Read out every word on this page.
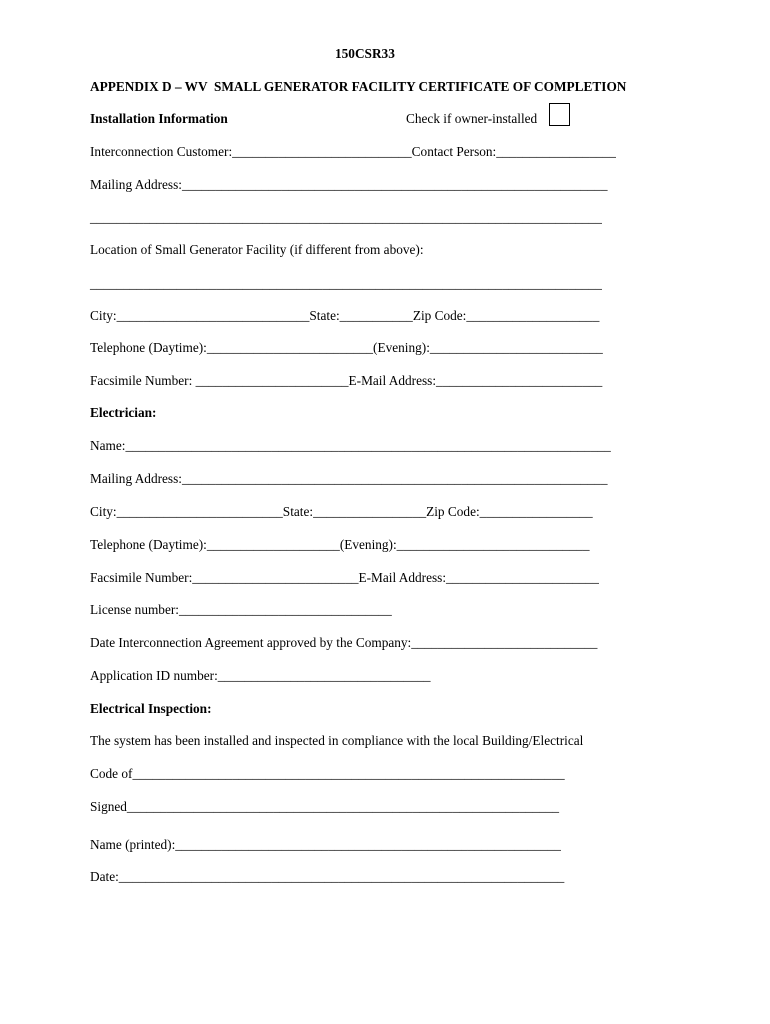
150CSR33
APPENDIX D – WV  SMALL GENERATOR FACILITY CERTIFICATE OF COMPLETION
Installation Information	Check if owner-installed
Interconnection Customer:___________________________Contact Person:__________________
Mailing Address:________________________________________________________________
_____________________________________________________________________________
Location of Small Generator Facility (if different from above):
_____________________________________________________________________________
City:_____________________________State:___________Zip Code:____________________
Telephone (Daytime):_________________________(Evening):__________________________
Facsimile Number: _______________________E-Mail Address:_________________________
Electrician:
Name:_________________________________________________________________________
Mailing Address:________________________________________________________________
City:_________________________State:_________________Zip Code:_________________
Telephone (Daytime):____________________(Evening):_____________________________
Facsimile Number:_________________________E-Mail Address:_______________________
License number:________________________________
Date Interconnection Agreement approved by the Company:____________________________
Application ID number:________________________________
Electrical Inspection:
The system has been installed and inspected in compliance with the local Building/Electrical
Code of_________________________________________________________________
Signed_________________________________________________________________
Name (printed):__________________________________________________________
Date:___________________________________________________________________
